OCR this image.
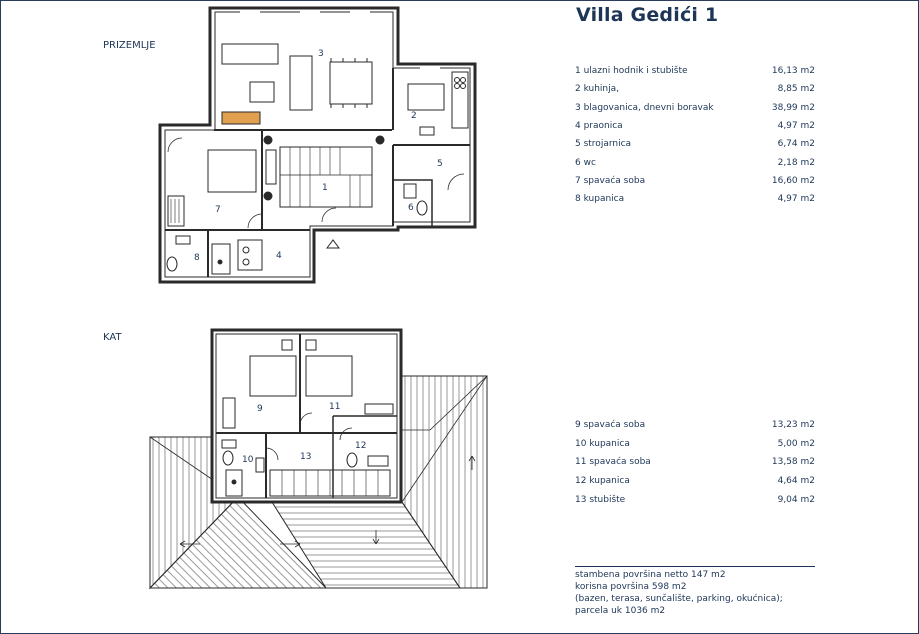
Villa Gedići 1
PRIZEMLJE
KAT
1 ulazni hodnik i stubište	16,13 m2
2 kuhinja,	8,85 m2
3 blagovanica, dnevni boravak	38,99 m2
4 praonica	4,97 m2
5 strojarnica	6,74 m2
6 wc	2,18 m2
7 spavaća soba	16,60 m2
8 kupanica	4,97 m2
9 spavaća soba	13,23 m2
10 kupanica	5,00 m2
11 spavaća soba	13,58 m2
12 kupanica	4,64 m2
13 stubište	9,04 m2
stambena površina netto 147 m2
korisna površina 598 m2
(bazen, terasa, sunčalište, parking, okućnica);
parcela uk 1036 m2
3
2
1
5
6
7
8	4
9	11
10
12
13
